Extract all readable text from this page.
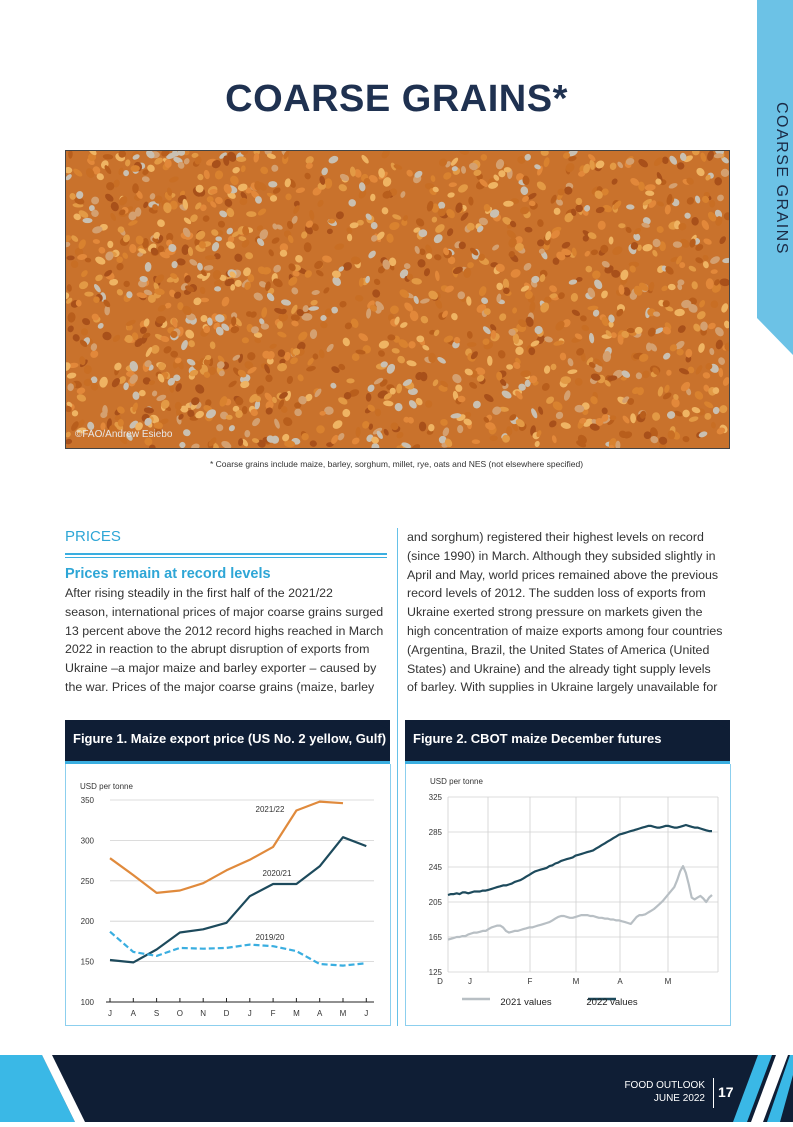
COARSE GRAINS
COARSE GRAINS*
©FAO/Andrew Esiebo
* Coarse grains include maize, barley, sorghum, millet, rye, oats and NES (not elsewhere specified)
PRICES
Prices remain at record levels

After rising steadily in the first half of the 2021/22

season, international prices of major coarse grains surged

13 percent above the 2012 record highs reached in March

2022 in reaction to the abrupt disruption of exports from

Ukraine –a major maize and barley exporter – caused by

the war. Prices of the major coarse grains (maize, barley

and sorghum) registered their highest levels on record

(since 1990) in March. Although they subsided slightly in

April and May, world prices remained above the previous

record levels of 2012. The sudden loss of exports from

Ukraine exerted strong pressure on markets given the

high concentration of maize exports among four countries

(Argentina, Brazil, the United States of America (United

States) and Ukraine) and the already tight supply levels

of barley. With supplies in Ukraine largely unavailable for

Figure 1. Maize export price (US No. 2 yellow, Gulf)
USD per tonne
100
150
200
250
300
350
J A S O N D J F M A M J
2021/22
2020/21
2019/20
Figure 2. CBOT maize December futures
USD per tonne
125
165
205
245
285
325
D	J	F	M	A	M
2021 values	2022 values
FOOD OUTLOOK
JUNE 2022 17
